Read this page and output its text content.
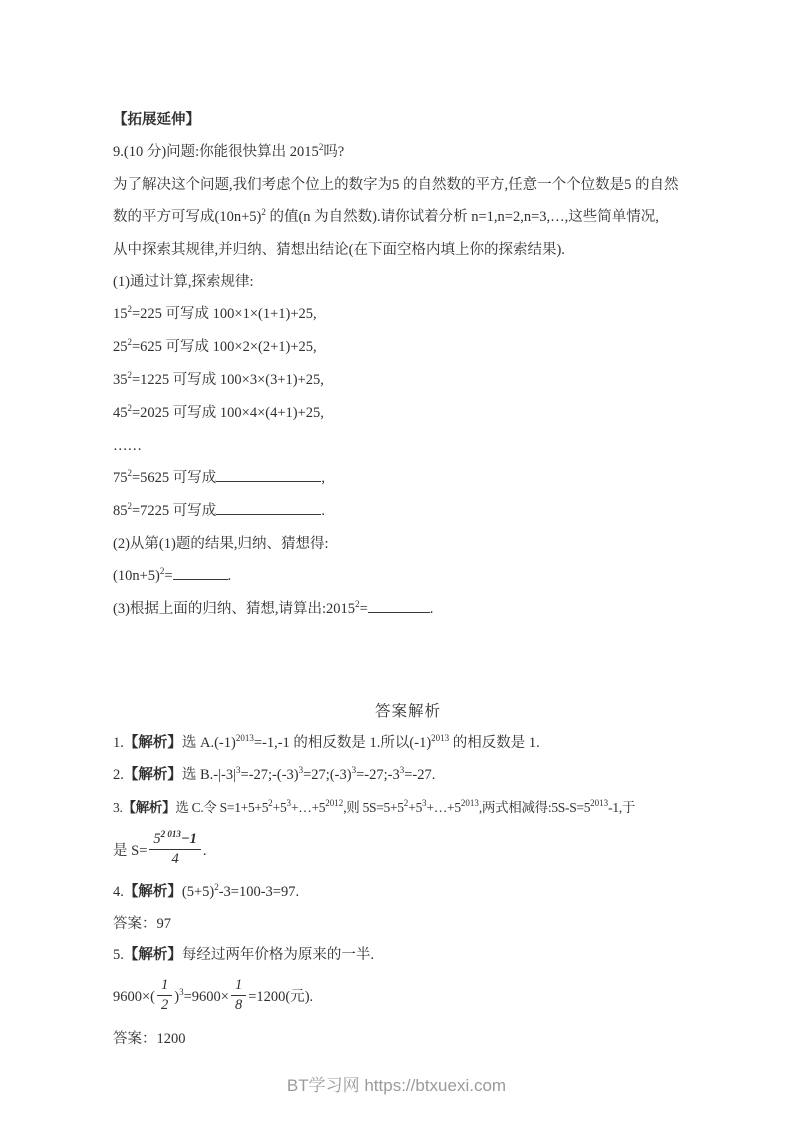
【拓展延伸】
9.(10 分)问题:你能很快算出 2015$^2$吗?
为了解决这个问题,我们考虑个位上的数字为5 的自然数的平方,任意一个个位数是5 的自然
数的平方可写成$(10n+5)^2$ 的值(n 为自然数).请你试着分析 n=1,n=2,n=3,…,这些简单情况,
从中探索其规律,并归纳、猜想出结论(在下面空格内填上你的探索结果).
(1)通过计算,探索规律:
$15^2=225$ 可写成 100×1×(1+1)+25,
$25^2=625$ 可写成 100×2×(2+1)+25,
$35^2=1225$ 可写成 100×3×(3+1)+25,
$45^2=2025$ 可写成 100×4×(4+1)+25,
……
$75^2=5625$ 可写成	,
$85^2=7225$ 可写成	.
(2)从第(1)题的结果,归纳、猜想得:
$(10n+5)^2=$	.
(3)根据上面的归纳、猜想,请算出$:2015^2=$	.
答案解析
1.【解析】选 $A.(-1)^{2013}=-1,-1$ 的相反数是 1.所以$(-1)^{2013}$ 的相反数是 1.
2.【解析】选 $B.-|-3|^3=-27;-(-3)^3=27;(-3)^3=-27;-3^3=-27$.
3.【解析】选 C.令 $S=1+5+5^2+5^3+\dots+5^{2012}$,则 $5S=5+5^2+5^3+\dots+5^{2013}$,两式相减得$:5S-S=5^{2013}-1$,于
是 $S= \frac{5^{2 013}-1}{4}$ .
4.【解析】$(5+5)^2-3=100-3=97$.
答案：97
5.【解析】每经过两年价格为原来的一半.
$9600\times( \frac{1}{2} )^3=9600\times \frac{1}{8} =1200$(元).
答案：1200
BT学习网 https://btxuexi.com
